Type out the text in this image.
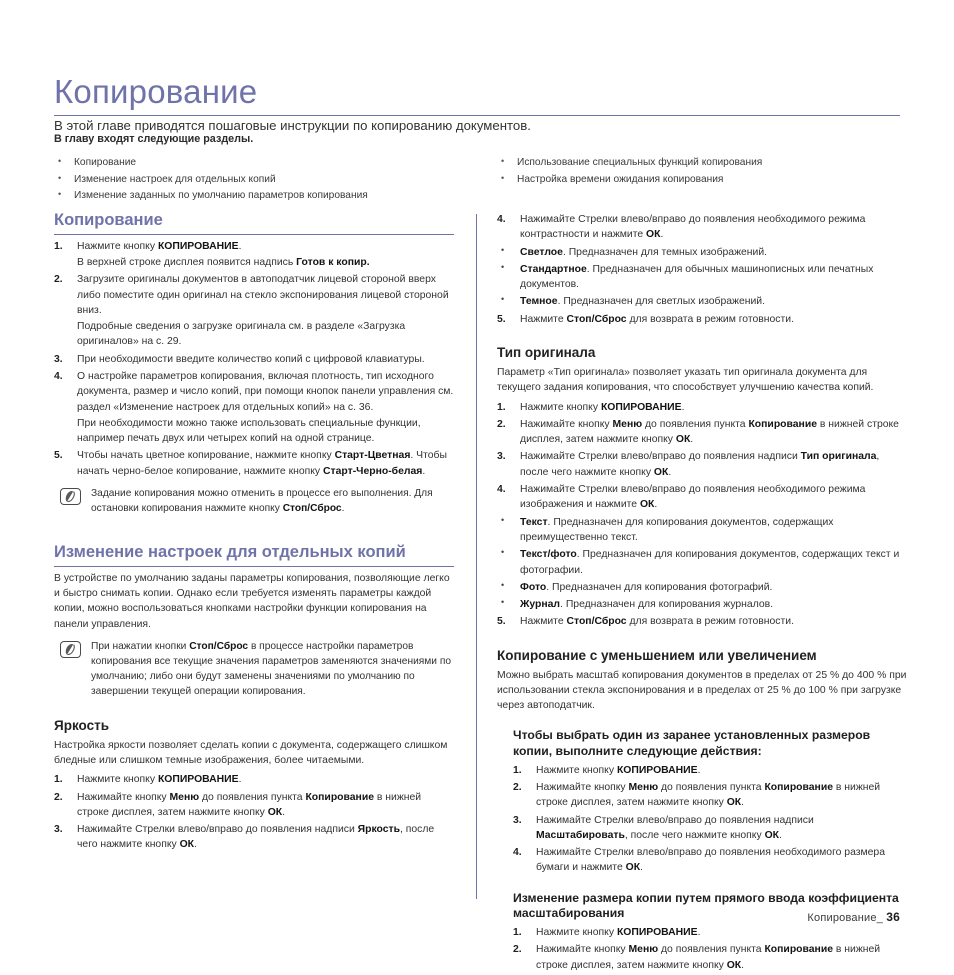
Копирование

В этой главе приводятся пошаговые инструкции по копированию документов.

В главу входят следующие разделы.
• Копирование
• Изменение настроек для отдельных копий
• Изменение заданных по умолчанию параметров копирования
• Использование специальных функций копирования
• Настройка времени ожидания копирования
Копирование
1.	Нажмите кнопку КОПИРОВАНИЕ.
В верхней строке дисплея появится надпись Готов к копир.
2.	Загрузите оригиналы документов в автоподатчик лицевой стороной вверх либо поместите один оригинал на стекло экспонирования лицевой стороной вниз.
Подробные сведения о загрузке оригинала см. в разделе «Загрузка оригиналов» на с. 29.
3.	При необходимости введите количество копий с цифровой клавиатуры.
4.	О настройке параметров копирования, включая плотность, тип исходного документа, размер и число копий, при помощи кнопок панели управления см. раздел «Изменение настроек для отдельных копий» на с. 36.
При необходимости можно также использовать специальные функции, например печать двух или четырех копий на одной странице.
5.	Чтобы начать цветное копирование, нажмите кнопку Старт-Цветная. Чтобы начать черно-белое копирование, нажмите кнопку Старт-Черно-белая.
Задание копирования можно отменить в процессе его выполнения. Для остановки копирования нажмите кнопку Стоп/Сброс.
Изменение настроек для отдельных копий

В устройстве по умолчанию заданы параметры копирования, позволяющие легко и быстро снимать копии. Однако если требуется изменять параметры каждой копии, можно воспользоваться кнопками настройки функции копирования на панели управления.

При нажатии кнопки Стоп/Сброс в процессе настройки параметров копирования все текущие значения параметров заменяются значениями по умолчанию; либо они будут заменены значениями по умолчанию по завершении текущей операции копирования.
Яркость

Настройка яркости позволяет сделать копии с документа, содержащего слишком бледные или слишком темные изображения, более читаемыми.

1.	Нажмите кнопку КОПИРОВАНИЕ.
2.	Нажимайте кнопку Меню до появления пункта Копирование в нижней строке дисплея, затем нажмите кнопку ОК.
3.	Нажимайте Стрелки влево/вправо до появления надписи Яркость, после чего нажмите кнопку ОК.
4.	Нажимайте Стрелки влево/вправо до появления необходимого режима контрастности и нажмите ОК.
• Светлое. Предназначен для темных изображений.
• Стандартное. Предназначен для обычных машинописных или печатных документов.
• Темное. Предназначен для светлых изображений.
5.	Нажмите Стоп/Сброс для возврата в режим готовности.
Тип оригинала

Параметр «Тип оригинала» позволяет указать тип оригинала документа для текущего задания копирования, что способствует улучшению качества копий.

1.	Нажмите кнопку КОПИРОВАНИЕ.
2.	Нажимайте кнопку Меню до появления пункта Копирование в нижней строке дисплея, затем нажмите кнопку ОК.
3.	Нажимайте Стрелки влево/вправо до появления надписи Тип оригинала, после чего нажмите кнопку ОК.
4.	Нажимайте Стрелки влево/вправо до появления необходимого режима изображения и нажмите ОК.
• Текст. Предназначен для копирования документов, содержащих преимущественно текст.
• Текст/фото. Предназначен для копирования документов, содержащих текст и фотографии.
• Фото. Предназначен для копирования фотографий.
• Журнал. Предназначен для копирования журналов.
5.	Нажмите Стоп/Сброс для возврата в режим готовности.
Копирование с уменьшением или увеличением

Можно выбрать масштаб копирования документов в пределах от 25 % до 400 % при использовании стекла экспонирования и в пределах от 25 % до 100 % при загрузке через автоподатчик.

Чтобы выбрать один из заранее установленных размеров копии, выполните следующие действия:
1.	Нажмите кнопку КОПИРОВАНИЕ.
2.	Нажимайте кнопку Меню до появления пункта Копирование в нижней строке дисплея, затем нажмите кнопку ОК.
3.	Нажимайте Стрелки влево/вправо до появления надписи Масштабировать, после чего нажмите кнопку ОК.
4.	Нажимайте Стрелки влево/вправо до появления необходимого размера бумаги и нажмите ОК.
Изменение размера копии путем прямого ввода коэффициента масштабирования
1.	Нажмите кнопку КОПИРОВАНИЕ.
2.	Нажимайте кнопку Меню до появления пункта Копирование в нижней строке дисплея, затем нажмите кнопку ОК.
Копирование_ 36
